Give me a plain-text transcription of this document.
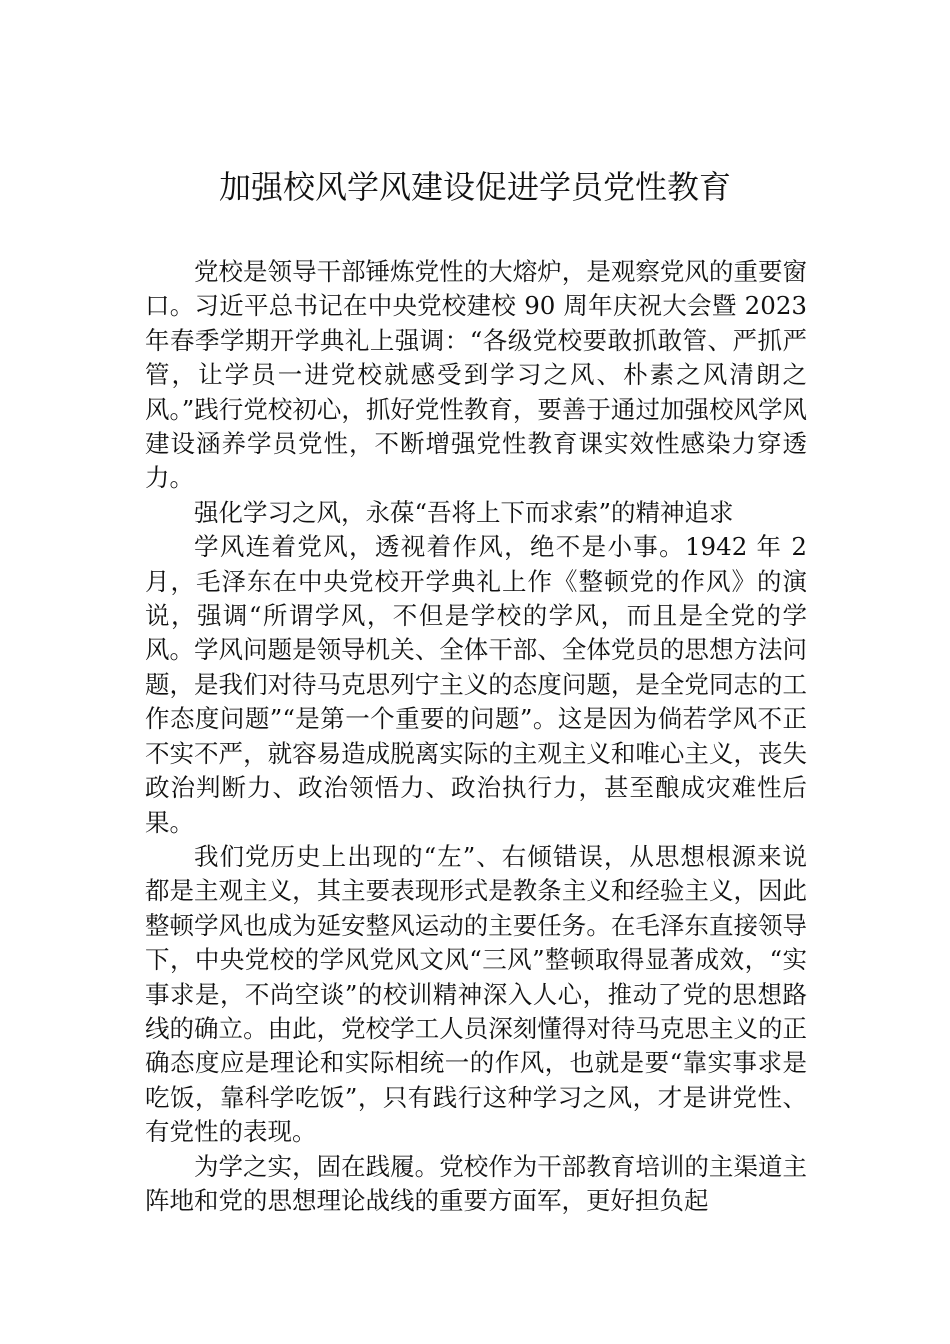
加强校风学风建设促进学员党性教育

党校是领导干部锤炼党性的大熔炉，是观察党风的重要窗口。习近平总书记在中央党校建校 90 周年庆祝大会暨 2023 年春季学期开学典礼上强调：“各级党校要敢抓敢管、严抓严管，让学员一进党校就感受到学习之风、朴素之风清朗之风。”践行党校初心，抓好党性教育，要善于通过加强校风学风建设涵养学员党性，不断增强党性教育课实效性感染力穿透力。

强化学习之风，永葆“吾将上下而求索”的精神追求

学风连着党风，透视着作风，绝不是小事。1942 年 2 月，毛泽东在中央党校开学典礼上作《整顿党的作风》的演说，强调“所谓学风，不但是学校的学风，而且是全党的学风。学风问题是领导机关、全体干部、全体党员的思想方法问题，是我们对待马克思列宁主义的态度问题，是全党同志的工作态度问题”“是第一个重要的问题”。这是因为倘若学风不正不实不严，就容易造成脱离实际的主观主义和唯心主义，丧失政治判断力、政治领悟力、政治执行力，甚至酿成灾难性后果。

我们党历史上出现的“左”、右倾错误，从思想根源来说都是主观主义，其主要表现形式是教条主义和经验主义，因此整顿学风也成为延安整风运动的主要任务。在毛泽东直接领导下，中央党校的学风党风文风“三风”整顿取得显著成效，“实事求是，不尚空谈”的校训精神深入人心，推动了党的思想路线的确立。由此，党校学工人员深刻懂得对待马克思主义的正确态度应是理论和实际相统一的作风，也就是要“靠实事求是吃饭，靠科学吃饭”，只有践行这种学习之风，才是讲党性、有党性的表现。

为学之实，固在践履。党校作为干部教育培训的主渠道主阵地和党的思想理论战线的重要方面军，更好担负起
